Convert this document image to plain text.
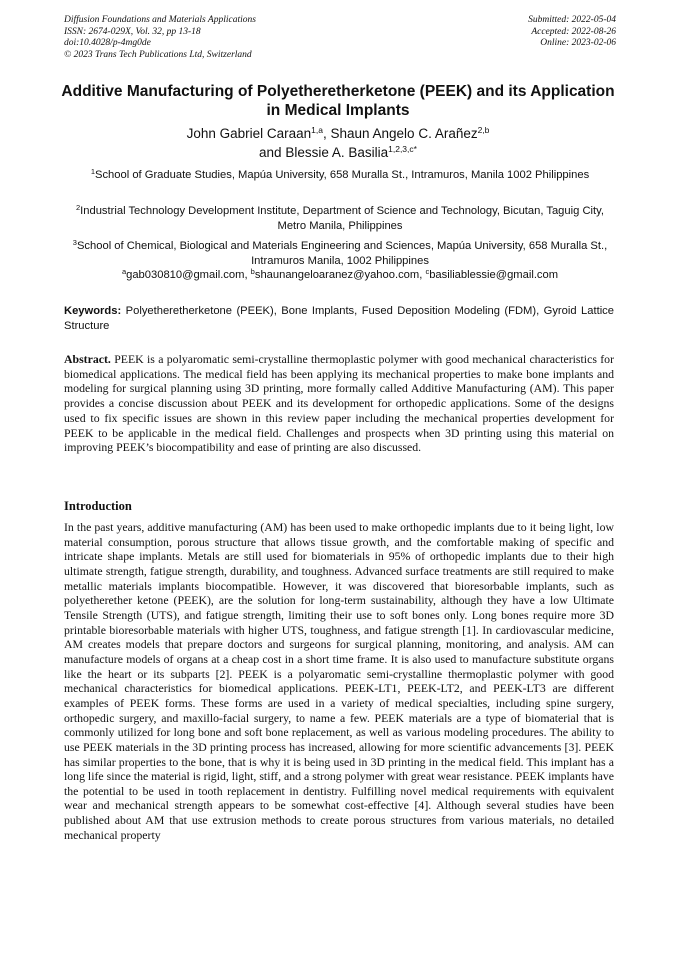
Diffusion Foundations and Materials Applications
ISSN: 2674-029X, Vol. 32, pp 13-18
doi:10.4028/p-4mg0de
© 2023 Trans Tech Publications Ltd, Switzerland
Submitted: 2022-05-04
Accepted: 2022-08-26
Online: 2023-02-06
Additive Manufacturing of Polyetheretherketone (PEEK) and its Application in Medical Implants
John Gabriel Caraan$^{1,a}$, Shaun Angelo C. Arañez$^{2,b}$
and Blessie A. Basilia$^{1,2,3,c*}$
$^1$School of Graduate Studies, Mapúa University, 658 Muralla St., Intramuros, Manila 1002 Philippines
$^2$Industrial Technology Development Institute, Department of Science and Technology, Bicutan, Taguig City, Metro Manila, Philippines
$^3$School of Chemical, Biological and Materials Engineering and Sciences, Mapúa University, 658 Muralla St., Intramuros Manila, 1002 Philippines
$^a$gab030810@gmail.com, $^b$shaunangeloaranez@yahoo.com, $^c$basiliablessie@gmail.com
Keywords: Polyetheretherketone (PEEK), Bone Implants, Fused Deposition Modeling (FDM), Gyroid Lattice Structure
Abstract. PEEK is a polyaromatic semi-crystalline thermoplastic polymer with good mechanical characteristics for biomedical applications. The medical field has been applying its mechanical properties to make bone implants and modeling for surgical planning using 3D printing, more formally called Additive Manufacturing (AM). This paper provides a concise discussion about PEEK and its development for orthopedic applications. Some of the designs used to fix specific issues are shown in this review paper including the mechanical properties development for PEEK to be applicable in the medical field. Challenges and prospects when 3D printing using this material on improving PEEK’s biocompatibility and ease of printing are also discussed.
Introduction
In the past years, additive manufacturing (AM) has been used to make orthopedic implants due to it being light, low material consumption, porous structure that allows tissue growth, and the comfortable making of specific and intricate shape implants. Metals are still used for biomaterials in 95% of orthopedic implants due to their high ultimate strength, fatigue strength, durability, and toughness. Advanced surface treatments are still required to make metallic materials implants biocompatible. However, it was discovered that bioresorbable implants, such as polyetherether ketone (PEEK), are the solution for long-term sustainability, although they have a low Ultimate Tensile Strength (UTS), and fatigue strength, limiting their use to soft bones only. Long bones require more 3D printable bioresorbable materials with higher UTS, toughness, and fatigue strength [1]. In cardiovascular medicine, AM creates models that prepare doctors and surgeons for surgical planning, monitoring, and analysis. AM can manufacture models of organs at a cheap cost in a short time frame. It is also used to manufacture substitute organs like the heart or its subparts [2]. PEEK is a polyaromatic semi-crystalline thermoplastic polymer with good mechanical characteristics for biomedical applications. PEEK-LT1, PEEK-LT2, and PEEK-LT3 are different examples of PEEK forms. These forms are used in a variety of medical specialties, including spine surgery, orthopedic surgery, and maxillo-facial surgery, to name a few. PEEK materials are a type of biomaterial that is commonly utilized for long bone and soft bone replacement, as well as various modeling procedures. The ability to use PEEK materials in the 3D printing process has increased, allowing for more scientific advancements [3]. PEEK has similar properties to the bone, that is why it is being used in 3D printing in the medical field. This implant has a long life since the material is rigid, light, stiff, and a strong polymer with great wear resistance. PEEK implants have the potential to be used in tooth replacement in dentistry. Fulfilling novel medical requirements with equivalent wear and mechanical strength appears to be somewhat cost-effective [4]. Although several studies have been published about AM that use extrusion methods to create porous structures from various materials, no detailed mechanical property
